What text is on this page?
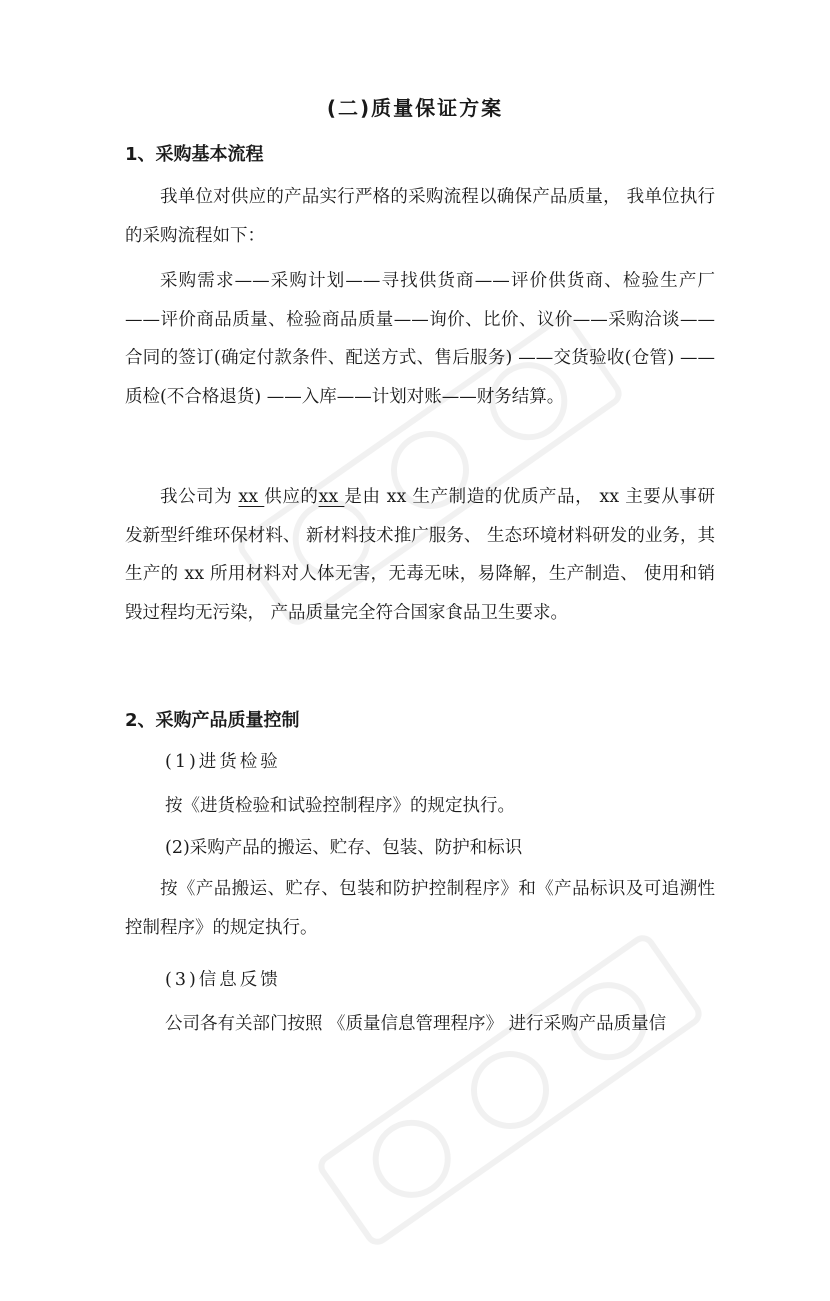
(二)质量保证方案
1、采购基本流程

我单位对供应的产品实行严格的采购流程以确保产品质量， 我单位执行的采购流程如下：

采购需求——采购计划——寻找供货商——评价供货商、检验生产厂——评价商品质量、检验商品质量——询价、比价、议价——采购洽谈——合同的签订(确定付款条件、配送方式、售后服务) ——交货验收(仓管) ——质检(不合格退货) ——入库——计划对账——财务结算。

我公司为 xx 供应的xx 是由 xx 生产制造的优质产品， xx 主要从事研发新型纤维环保材料、 新材料技术推广服务、 生态环境材料研发的业务，其生产的 xx 所用材料对人体无害，无毒无味，易降解，生产制造、 使用和销毁过程均无污染， 产品质量完全符合国家食品卫生要求。

2、采购产品质量控制
(1)进货检验
按《进货检验和试验控制程序》的规定执行。
(2)采购产品的搬运、贮存、包装、防护和标识

按《产品搬运、贮存、包装和防护控制程序》和《产品标识及可追溯性控制程序》的规定执行。

(3)信息反馈
公司各有关部门按照 《质量信息管理程序》 进行采购产品质量信
